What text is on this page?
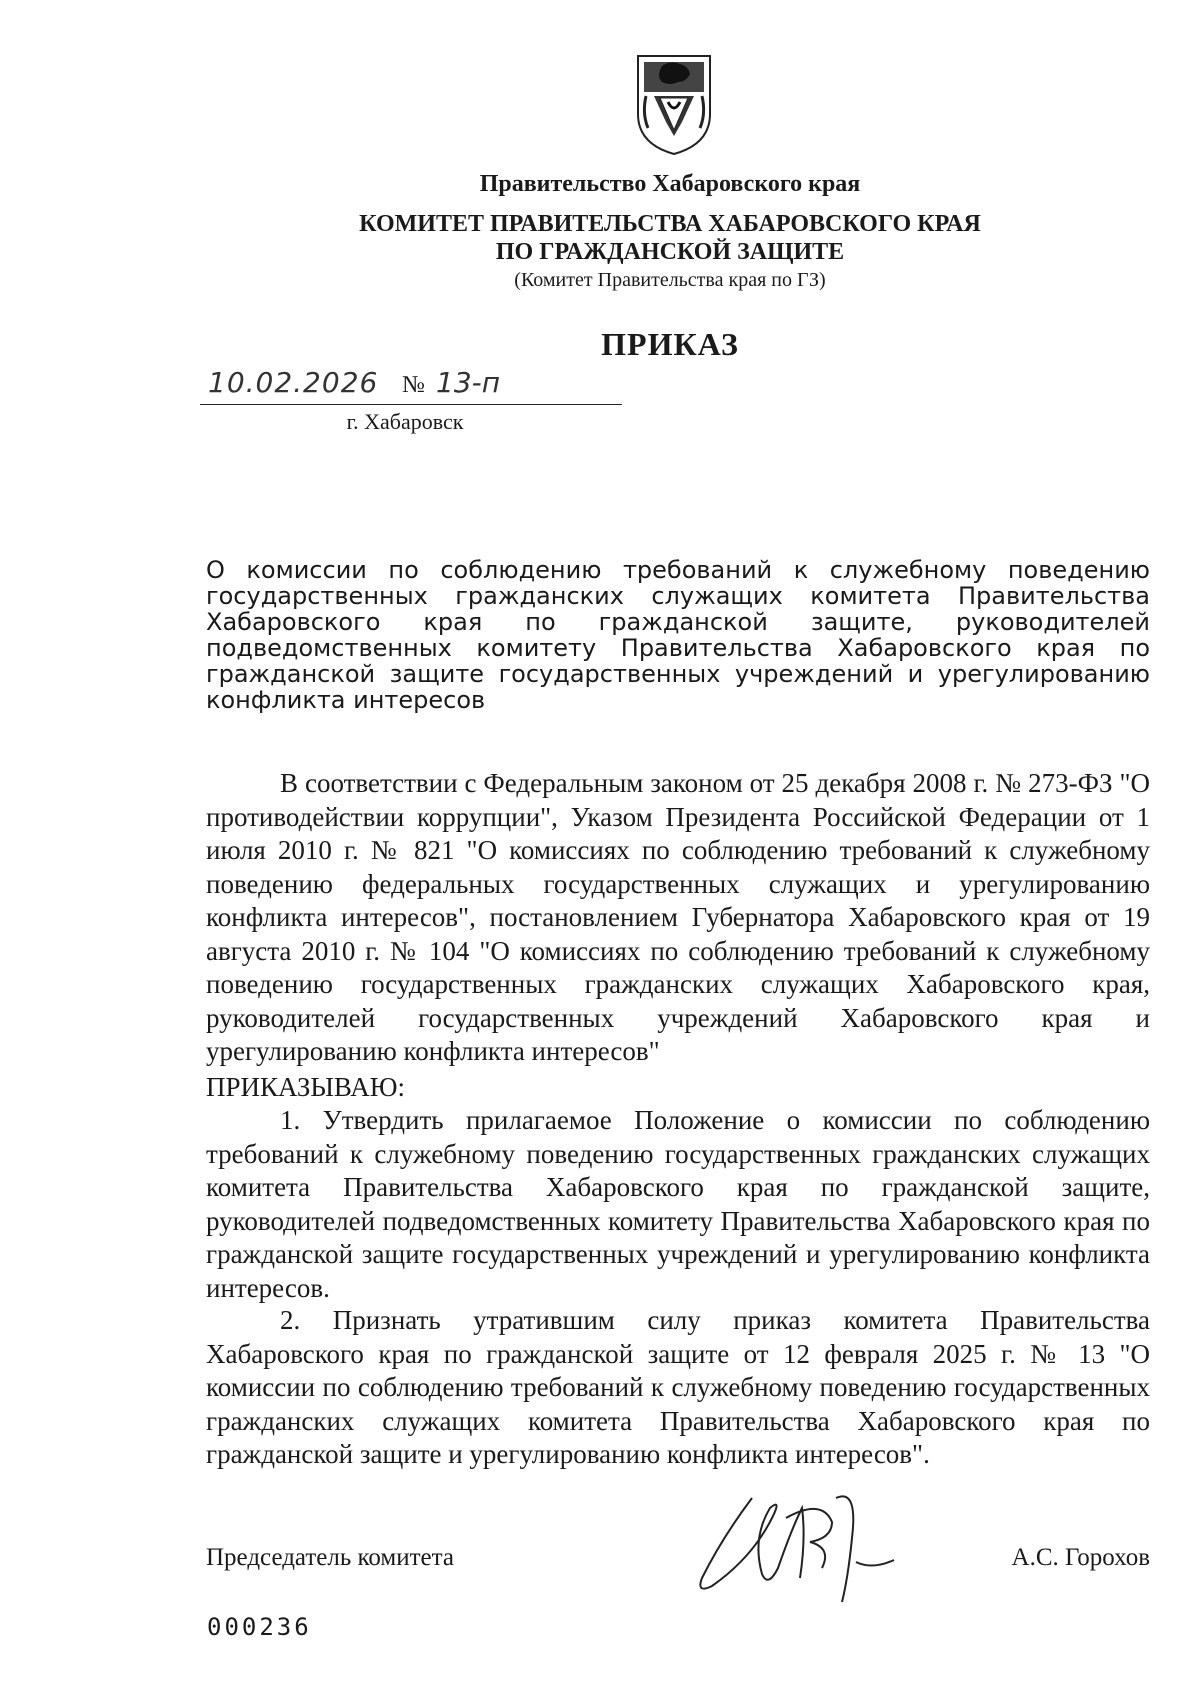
Правительство Хабаровского края
КОМИТЕТ ПРАВИТЕЛЬСТВА ХАБАРОВСКОГО КРАЯ
ПО ГРАЖДАНСКОЙ ЗАЩИТЕ
(Комитет Правительства края по ГЗ)
ПРИКАЗ
10.02.2026 № 13-п
г. Хабаровск
О комиссии по соблюдению требований к служебному поведению государственных гражданских служащих комитета Правительства Хабаровского края по гражданской защите, руководителей подведомственных комитету Правительства Хабаровского края по гражданской защите государственных учреждений и урегулированию конфликта интересов
В соответствии с Федеральным законом от 25 декабря 2008 г. № 273-ФЗ "О противодействии коррупции", Указом Президента Российской Федерации от 1 июля 2010 г. № 821 "О комиссиях по соблюдению требований к служебному поведению федеральных государственных служащих и урегулированию конфликта интересов", постановлением Губернатора Хабаровского края от 19 августа 2010 г. № 104 "О комиссиях по соблюдению требований к служебному поведению государственных гражданских служащих Хабаровского края, руководителей государственных учреждений Хабаровского края и урегулированию конфликта интересов"
ПРИКАЗЫВАЮ:
1. Утвердить прилагаемое Положение о комиссии по соблюдению требований к служебному поведению государственных гражданских служащих комитета Правительства Хабаровского края по гражданской защите, руководителей подведомственных комитету Правительства Хабаровского края по гражданской защите государственных учреждений и урегулированию конфликта интересов.
2. Признать утратившим силу приказ комитета Правительства Хабаровского края по гражданской защите от 12 февраля 2025 г. № 13 "О комиссии по соблюдению требований к служебному поведению государственных гражданских служащих комитета Правительства Хабаровского края по гражданской защите и урегулированию конфликта интересов".
Председатель комитета	А.С. Горохов
000236
